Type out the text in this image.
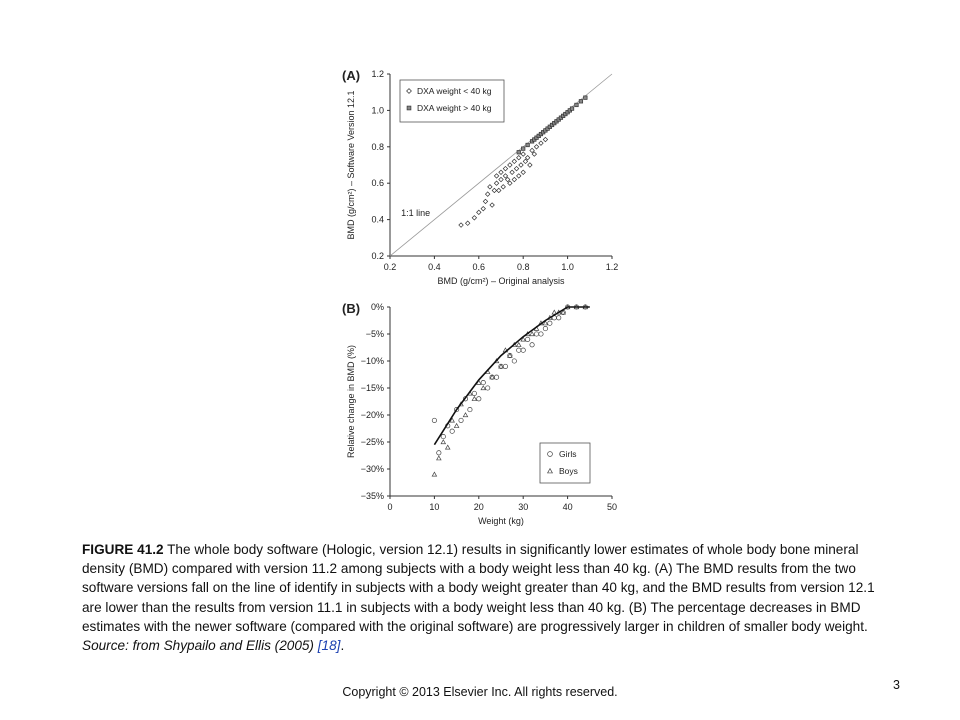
0.2	0.4	0.6	0.8	1.0	1.2
0.2
0.4
0.6
0.8
1.0
1.2
(A)
BMD (g/cm²) – Original analysis
BMD (g/cm²) – Software Version 12.1	1:1 line
DXA weight < 40 kg
DXA weight > 40 kg
0	10	20	30	40	50
0%
−5%
−10%
−15%
−20%
−25%
−30%
−35%
(B)
Weight (kg)
Relative change in BMD (%)	Girls
Boys
FIGURE 41.2 The whole body software (Hologic, version 12.1) results in significantly lower estimates of whole body bone mineral density (BMD) compared with version 11.2 among subjects with a body weight less than 40 kg. (A) The BMD results from the two software versions fall on the line of identify in subjects with a body weight greater than 40 kg, and the BMD results from version 12.1 are lower than the results from version 11.1 in subjects with a body weight less than 40 kg. (B) The percentage decreases in BMD estimates with the newer software (compared with the original software) are progressively larger in children of smaller body weight.
Source: from Shypailo and Ellis (2005) [18].
Copyright © 2013 Elsevier Inc. All rights reserved.	3
